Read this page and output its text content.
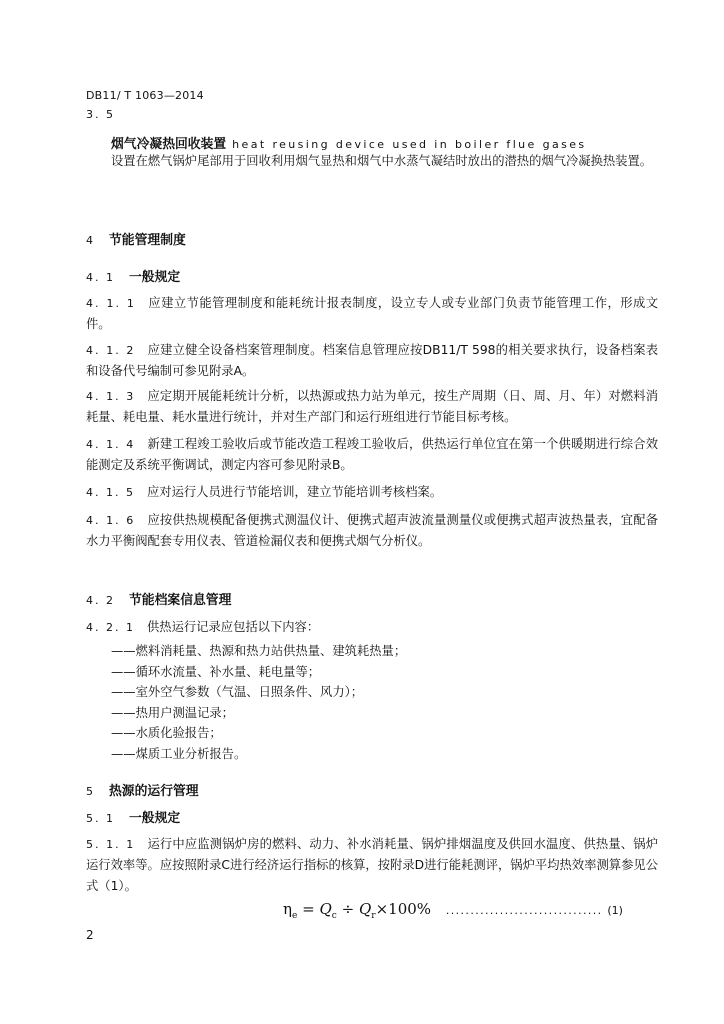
DB11/ T 1063—2014
3. 5
烟气冷凝热回收装置 heat reusing device used in boiler flue gases
设置在燃气锅炉尾部用于回收利用烟气显热和烟气中水蒸气凝结时放出的潜热的烟气冷凝换热装置。
4 节能管理制度
4. 1 一般规定
4. 1. 1 应建立节能管理制度和能耗统计报表制度，设立专人或专业部门负责节能管理工作，形成文件。
4. 1. 2 应建立健全设备档案管理制度。档案信息管理应按DB11/T 598的相关要求执行，设备档案表和设备代号编制可参见附录A。
4. 1. 3 应定期开展能耗统计分析，以热源或热力站为单元，按生产周期（日、周、月、年）对燃料消耗量、耗电量、耗水量进行统计，并对生产部门和运行班组进行节能目标考核。
4. 1. 4 新建工程竣工验收后或节能改造工程竣工验收后，供热运行单位宜在第一个供暖期进行综合效能测定及系统平衡调试，测定内容可参见附录B。
4. 1. 5 应对运行人员进行节能培训，建立节能培训考核档案。
4. 1. 6 应按供热规模配备便携式测温仪计、便携式超声波流量测量仪或便携式超声波热量表，宜配备水力平衡阀配套专用仪表、管道检漏仪表和便携式烟气分析仪。
4. 2 节能档案信息管理
4. 2. 1 供热运行记录应包括以下内容：
——燃料消耗量、热源和热力站供热量、建筑耗热量；
——循环水流量、补水量、耗电量等；
——室外空气参数（气温、日照条件、风力）；
——热用户测温记录；
——水质化验报告；
——煤质工业分析报告。
5 热源的运行管理
5. 1 一般规定
5. 1. 1 运行中应监测锅炉房的燃料、动力、补水消耗量、锅炉排烟温度及供回水温度、供热量、锅炉运行效率等。应按照附录C进行经济运行指标的核算，按附录D进行能耗测评，锅炉平均热效率测算参见公式（1）。
$\eta_e = Q_c \div Q_r\times 100\%$ ................................ (1)
2
